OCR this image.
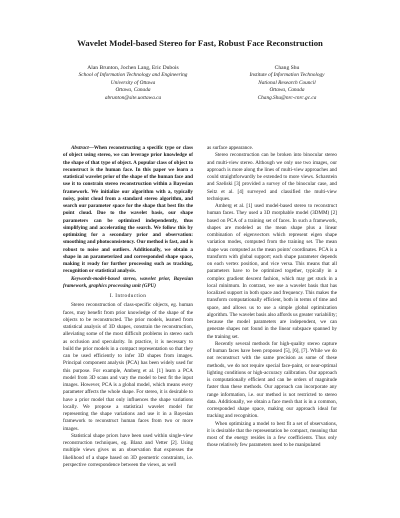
Wavelet Model-based Stereo for Fast, Robust Face Reconstruction
Alan Brunton, Jochen Lang, Eric Dubois
School of Information Technology and Engineering
University of Ottawa
Ottawa, Canada
abrunton@site.uottawa.ca
Chang Shu
Institute of Information Technology
National Research Council
Ottawa, Canada
Chang.Shu@nrc-cnrc.gc.ca

Abstract—When reconstructing a specific type or class of object using stereo, we can leverage prior knowledge of the shape of that type of object. A popular class of object to reconstruct is the human face. In this paper we learn a statistical wavelet prior of the shape of the human face and use it to constrain stereo reconstruction within a Bayesian framework. We initialize our algorithm with a, typically noisy, point cloud from a standard stereo algorithm, and search our parameter space for the shape that best fits the point cloud. Due to the wavelet basis, our shape parameters can be optimized independently, thus simplifying and accelerating the search. We follow this by optimizing for a secondary prior and observation: smoothing and photoconsistency. Our method is fast, and is robust to noise and outliers. Additionally, we obtain a shape in an parameterized and corresponded shape space, making it ready for further processing such as tracking, recognition or statistical analysis.

Keywords-model-based stereo, wavelet prior, Bayesian framework, graphics processing unit (GPU)

I. Introduction

Stereo reconstruction of class-specific objects, eg. human faces, may benefit from prior knowledge of the shape of the objects to be reconstructed. The prior models, learned from statistical analysis of 3D shapes, constrain the reconstruction, alleviating some of the most difficult problems in stereo such as occlusion and specularity. In practice, it is necessary to build the prior models in a compact representation so that they can be used efficiently to infer 3D shapes from images. Principal component analysis (PCA) has been widely used for this purpose. For example, Amberg et al. [1] learn a PCA model from 3D scans and vary the model to best fit the input images. However, PCA is a global model, which means every parameter affects the whole shape. For stereo, it is desirable to have a prior model that only influences the shape variations locally. We propose a statistical wavelet model for representing the shape variations and use it in a Bayesian framework to reconstruct human faces from two or more images.

Statistical shape priors have been used within single-view reconstruction techniques, eg. Blanz and Vetter [2]. Using multiple views gives us an observation that expresses the likelihood of a shape based on 3D geometric constraints, i.e. perspective correspondence between the views, as well

as surface appearance.

Stereo reconstruction can be broken into binocular stereo and multi-view stereo. Although we only use two images, our approach is more along the lines of multi-view approaches and could straightforwardly be extended to more views. Scharstein and Szeliski [3] provided a survey of the binocular case, and Seitz et al. [4] surveyed and classified the multi-view techniques.

Amberg et al. [1] used model-based stereo to reconstruct human faces. They used a 3D morphable model (3DMM) [2] based on PCA of a training set of faces. In such a framework, shapes are modeled as the mean shape plus a linear combination of eigenvectors which represent eigen shape variation modes, computed from the training set. The mean shape was computed as the mean points' coordinates. PCA is a transform with global support; each shape parameter depends on each vertex position, and vice versa. This means that all parameters have to be optimized together, typically in a complex gradient descent fashion, which may get stuck in a local minimum. In contrast, we use a wavelet basis that has localized support in both space and frequency. This makes the transform computationally efficient, both in terms of time and space, and allows us to use a simple global optimization algorithm. The wavelet basis also affords us greater variability; because the model parameters are independent, we can generate shapes not found in the linear subspace spanned by the training set.

Recently several methods for high-quality stereo capture of human faces have been proposed [5], [6], [7]. While we do not reconstruct with the same precision as some of these methods, we do not require special face-paint, or near-optimal lighting conditions or high-accuracy calibration. Our approach is computationally efficient and can be orders of magnitude faster than these methods. Our approach can incorporate any range information, i.e. our method is not restricted to stereo data. Additionally, we obtain a face mesh that is in a common, corresponded shape space, making our approach ideal for tracking and recognition.

When optimizing a model to best fit a set of observations, it is desirable that the representation be compact, meaning that most of the energy resides in a few coefficients. Thus only those relatively few parameters need to be manipulated
